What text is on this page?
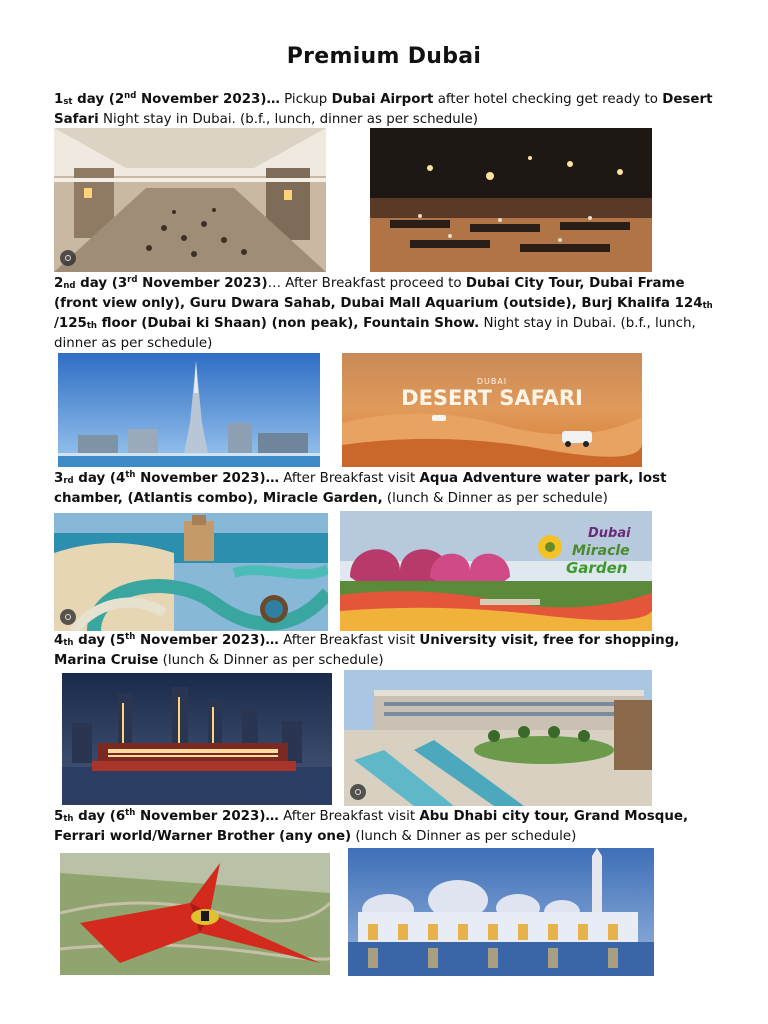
Premium Dubai

$1_{st}$ day (2nd November 2023)… Pickup Dubai Airport after hotel checking get ready to Desert Safari Night stay in Dubai. (b.f., lunch, dinner as per schedule)

$2_{nd}$ day (3rd November 2023)… After Breakfast proceed to Dubai City Tour, Dubai Frame (front view only), Guru Dwara Sahab, Dubai Mall Aquarium (outside), Burj Khalifa $124_{th}$ $/125_{th}$ floor (Dubai ki Shaan) (non peak), Fountain Show. Night stay in Dubai. (b.f., lunch, dinner as per schedule)

$3_{rd}$ day (4th November 2023)… After Breakfast visit Aqua Adventure water park, lost chamber, (Atlantis combo), Miracle Garden, (lunch & Dinner as per schedule)

$4_{th}$ day (5th November 2023)… After Breakfast visit University visit, free for shopping, Marina Cruise (lunch & Dinner as per schedule)

$5_{th}$ day (6th November 2023)… After Breakfast visit Abu Dhabi city tour, Grand Mosque, Ferrari world/Warner Brother (any one) (lunch & Dinner as per schedule)

DUBAI
DESERT SAFARI
Dubai
Miracle
Garden
